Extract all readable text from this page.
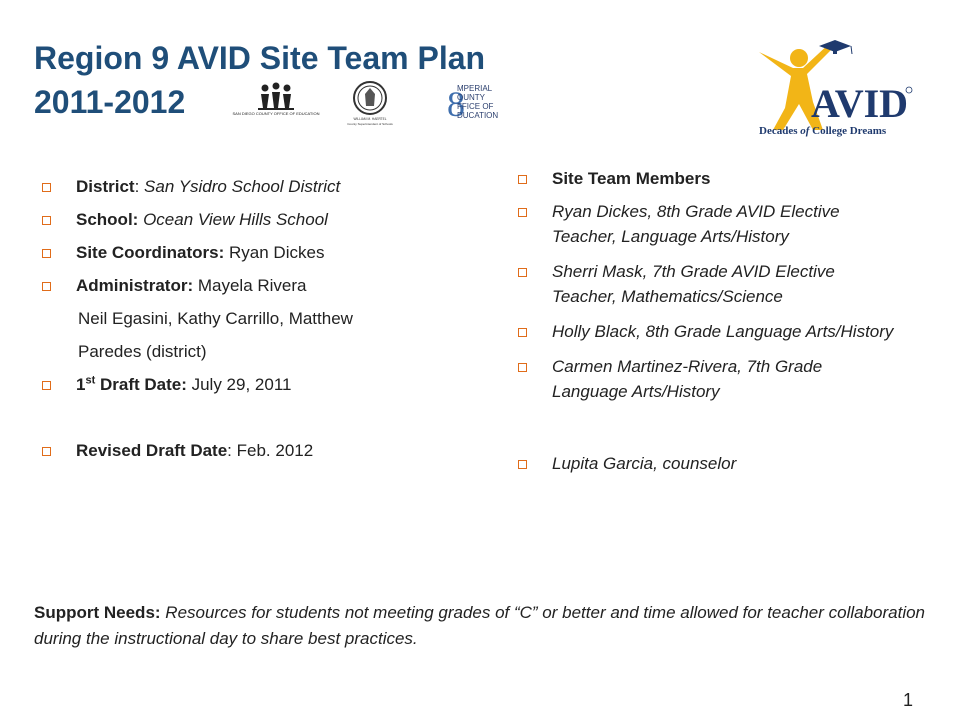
Region 9 AVID Site Team Plan
2011-2012	SAN DIEGO COUNTY OFFICE OF EDUCATION
WILLIAM M. HAERTEL
County Superintendent of Schools 8
MPERIAL
OUNTY
FFICE OF
DUCATION	AVID
Decades of College Dreams
District: San Ysidro School District
School: Ocean View Hills School
Site Coordinators: Ryan Dickes
Administrator: Mayela Rivera
Neil Egasini, Kathy Carrillo, Matthew
Paredes (district)
1st Draft Date: July 29, 2011
Revised Draft Date: Feb. 2012
Site Team Members
Ryan Dickes, 8th Grade AVID Elective Teacher, Language Arts/History
Sherri Mask, 7th Grade AVID Elective Teacher, Mathematics/Science
Holly Black, 8th Grade Language Arts/History
Carmen Martinez-Rivera, 7th Grade Language Arts/History
Lupita Garcia, counselor
Support Needs: Resources for students not meeting grades of “C” or better and time allowed for teacher collaboration during the instructional day to share best practices.
1
